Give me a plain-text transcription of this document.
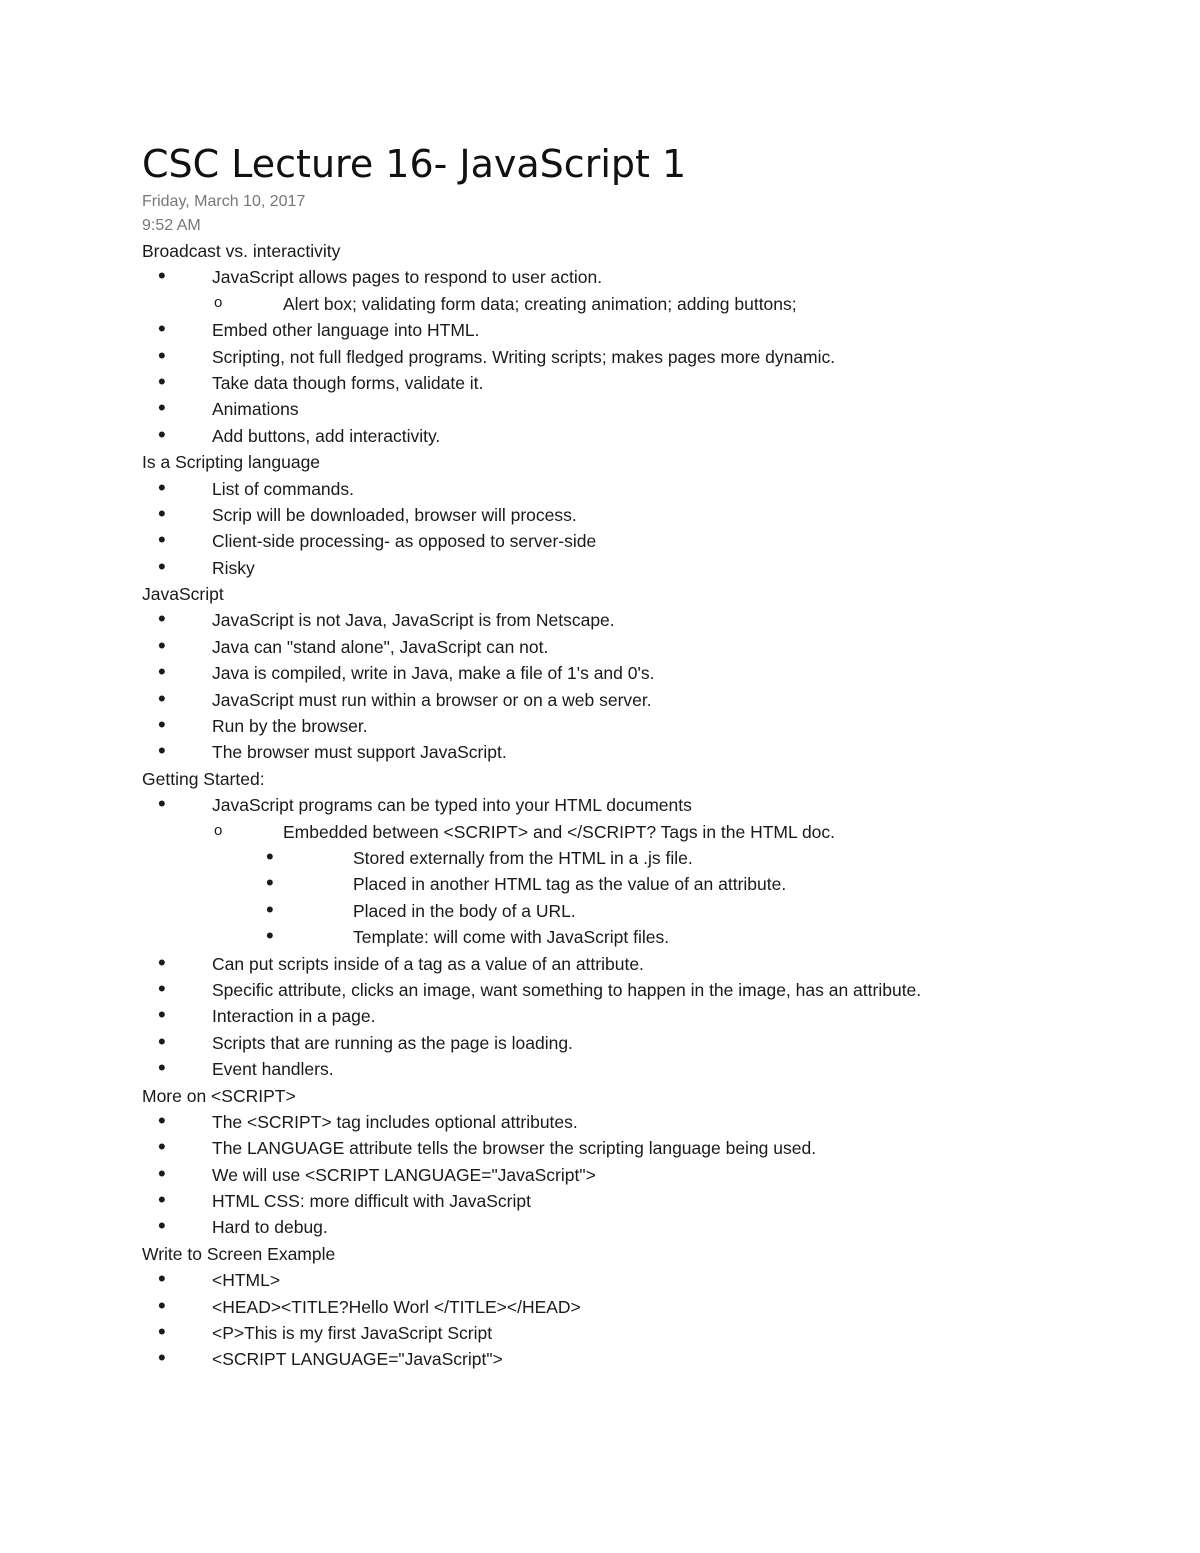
CSC Lecture 16- JavaScript 1
Friday, March 10, 2017
9:52 AM
Broadcast vs. interactivity
•
JavaScript allows pages to respond to user action.
o
Alert box; validating form data; creating animation; adding buttons;
•
Embed other language into HTML.
•
Scripting, not full fledged programs. Writing scripts; makes pages more dynamic.
•
Take data though forms, validate it.
•
Animations
•
Add buttons, add interactivity.
Is a Scripting language
•
List of commands.
•
Scrip will be downloaded, browser will process.
•
Client-side processing- as opposed to server-side
•
Risky
JavaScript
•
JavaScript is not Java, JavaScript is from Netscape.
•
Java can "stand alone", JavaScript can not.
•
Java is compiled, write in Java, make a file of 1's and 0's.
•
JavaScript must run within a browser or on a web server.
•
Run by the browser.
•
The browser must support JavaScript.
Getting Started:
•
JavaScript programs can be typed into your HTML documents
o
Embedded between <SCRIPT> and </SCRIPT? Tags in the HTML doc.
•
Stored externally from the HTML in a .js file.
•
Placed in another HTML tag as the value of an attribute.
•
Placed in the body of a URL.
•
Template: will come with JavaScript files.
•
Can put scripts inside of a tag as a value of an attribute.
•
Specific attribute, clicks an image, want something to happen in the image, has an attribute.
•
Interaction in a page.
•
Scripts that are running as the page is loading.
•
Event handlers.
More on <SCRIPT>
•
The <SCRIPT> tag includes optional attributes.
•
The LANGUAGE attribute tells the browser the scripting language being used.
•
We will use <SCRIPT LANGUAGE="JavaScript">
•
HTML CSS: more difficult with JavaScript
•
Hard to debug.
Write to Screen Example
•
<HTML>
•
<HEAD><TITLE?Hello Worl </TITLE></HEAD>
•
<P>This is my first JavaScript Script
•
<SCRIPT LANGUAGE="JavaScript">
